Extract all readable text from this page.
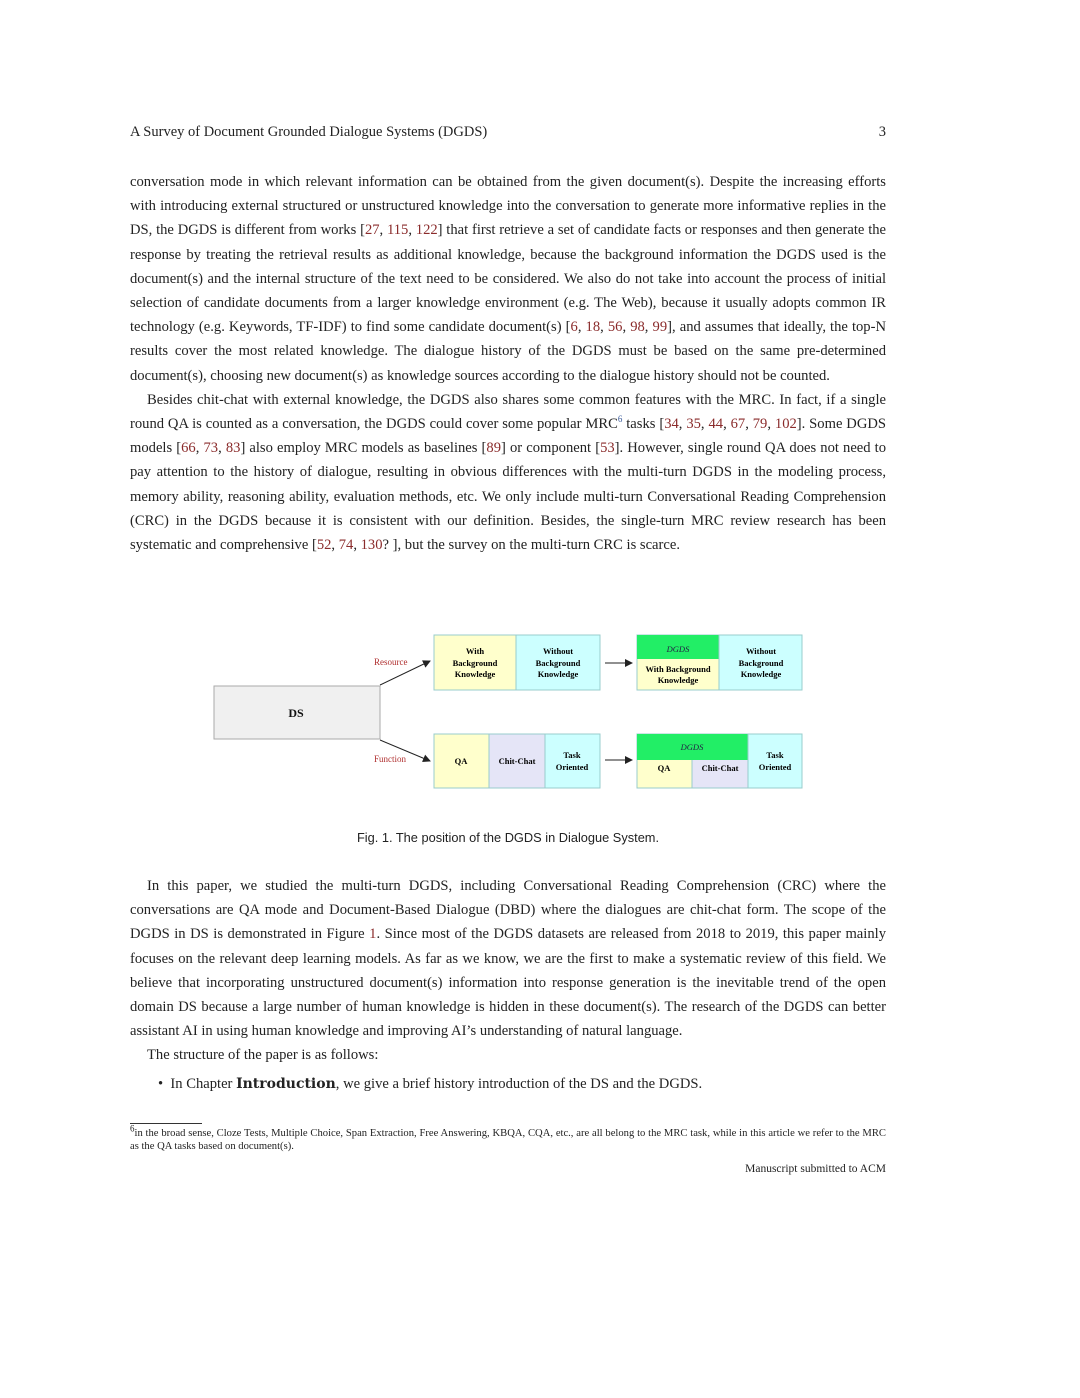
A Survey of Document Grounded Dialogue Systems (DGDS)	3

conversation mode in which relevant information can be obtained from the given document(s). Despite the increasing efforts with introducing external structured or unstructured knowledge into the conversation to generate more informative replies in the DS, the DGDS is different from works [27, 115, 122] that first retrieve a set of candidate facts or responses and then generate the response by treating the retrieval results as additional knowledge, because the background information the DGDS used is the document(s) and the internal structure of the text need to be considered. We also do not take into account the process of initial selection of candidate documents from a larger knowledge environment (e.g. The Web), because it usually adopts common IR technology (e.g. Keywords, TF-IDF) to find some candidate document(s) [6, 18, 56, 98, 99], and assumes that ideally, the top-N results cover the most related knowledge. The dialogue history of the DGDS must be based on the same pre-determined document(s), choosing new document(s) as knowledge sources according to the dialogue history should not be counted.

Besides chit-chat with external knowledge, the DGDS also shares some common features with the MRC. In fact, if a single round QA is counted as a conversation, the DGDS could cover some popular MRC$^6$ tasks [34, 35, 44, 67, 79, 102]. Some DGDS models [66, 73, 83] also employ MRC models as baselines [89] or component [53]. However, single round QA does not need to pay attention to the history of dialogue, resulting in obvious differences with the multi-turn DGDS in the modeling process, memory ability, reasoning ability, evaluation methods, etc. We only include multi-turn Conversational Reading Comprehension (CRC) in the DGDS because it is consistent with our definition. Besides, the single-turn MRC review research has been systematic and comprehensive [52, 74, 130? ], but the survey on the multi-turn CRC is scarce.

DS
Resource
Function
With
Background
Knowledge
Without
Background
Knowledge
DGDS
With Background
Knowledge
Without
Background
Knowledge
QA	Chit-Chat
Task
Oriented
DGDS
QA	Chit-Chat
Task
Oriented
Fig. 1. The position of the DGDS in Dialogue System.

In this paper, we studied the multi-turn DGDS, including Conversational Reading Comprehension (CRC) where the conversations are QA mode and Document-Based Dialogue (DBD) where the dialogues are chit-chat form. The scope of the DGDS in DS is demonstrated in Figure 1. Since most of the DGDS datasets are released from 2018 to 2019, this paper mainly focuses on the relevant deep learning models. As far as we know, we are the first to make a systematic review of this field. We believe that incorporating unstructured document(s) information into response generation is the inevitable trend of the open domain DS because a large number of human knowledge is hidden in these document(s). The research of the DGDS can better assistant AI in using human knowledge and improving AI’s understanding of natural language.

The structure of the paper is as follows:

•  In Chapter Introduction, we give a brief history introduction of the DS and the DGDS.

$^6$in the broad sense, Cloze Tests, Multiple Choice, Span Extraction, Free Answering, KBQA, CQA, etc., are all belong to the MRC task, while in this article we refer to the MRC as the QA tasks based on document(s).
Manuscript submitted to ACM
